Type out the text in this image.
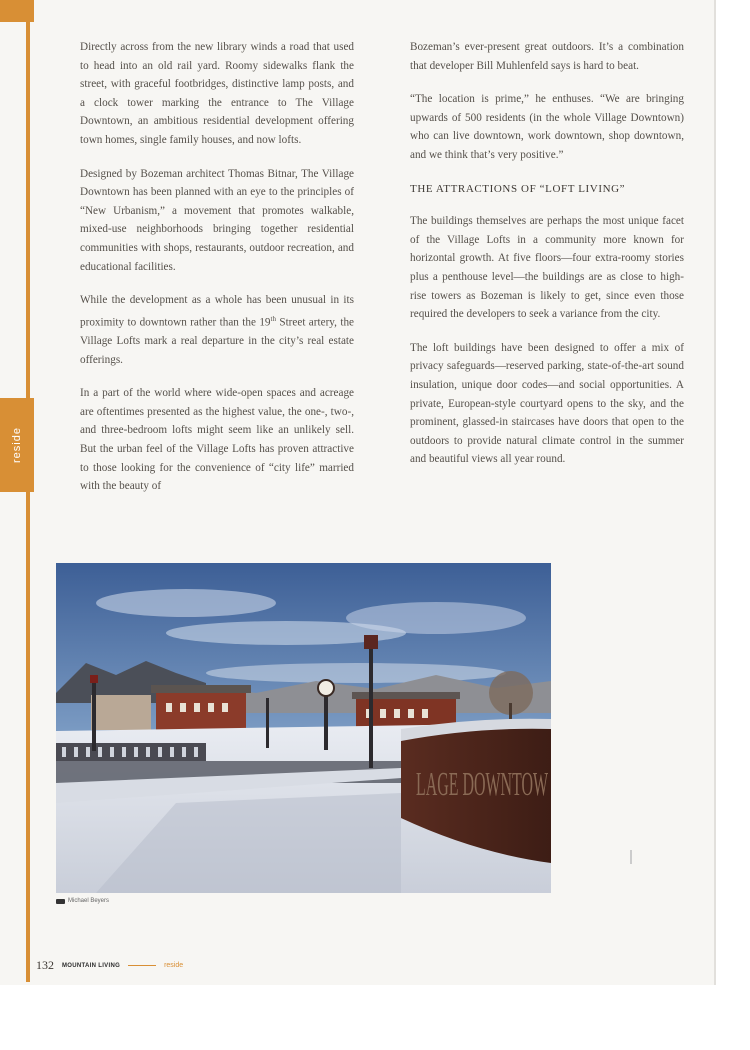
reside

Directly across from the new library winds a road that used to head into an old rail yard. Roomy sidewalks flank the street, with graceful footbridges, distinctive lamp posts, and a clock tower marking the entrance to The Village Downtown, an ambitious residential development offering town homes, single family houses, and now lofts.

Designed by Bozeman architect Thomas Bitnar, The Village Downtown has been planned with an eye to the principles of “New Urbanism,” a movement that promotes walkable, mixed-use neighborhoods bringing together residential communities with shops, restaurants, outdoor recreation, and educational facilities.

While the development as a whole has been unusual in its proximity to downtown rather than the 19th Street artery, the Village Lofts mark a real departure in the city’s real estate offerings.

In a part of the world where wide-open spaces and acreage are oftentimes presented as the highest value, the one-, two-, and three-bedroom lofts might seem like an unlikely sell. But the urban feel of the Village Lofts has proven attractive to those looking for the convenience of “city life” married with the beauty of

Bozeman’s ever-present great outdoors. It’s a combination that developer Bill Muhlenfeld says is hard to beat.

“The location is prime,” he enthuses. “We are bringing upwards of 500 residents (in the whole Village Downtown) who can live downtown, work downtown, shop downtown, and we think that’s very positive.”

THE ATTRACTIONS OF “LOFT LIVING”

The buildings themselves are perhaps the most unique facet of the Village Lofts in a community more known for horizontal growth. At five floors—four extra-roomy stories plus a penthouse level—the buildings are as close to high-rise towers as Bozeman is likely to get, since even those required the developers to seek a variance from the city.

The loft buildings have been designed to offer a mix of privacy safeguards—reserved parking, state-of-the-art sound insulation, unique door codes—and social opportunities. A private, European-style courtyard opens to the sky, and the prominent, glassed-in staircases have doors that open to the outdoors to provide natural climate control in the summer and beautiful views all year round.

LAGE DOWNTOW
Michael Beyers
132 MOUNTAIN LIVING	reside
